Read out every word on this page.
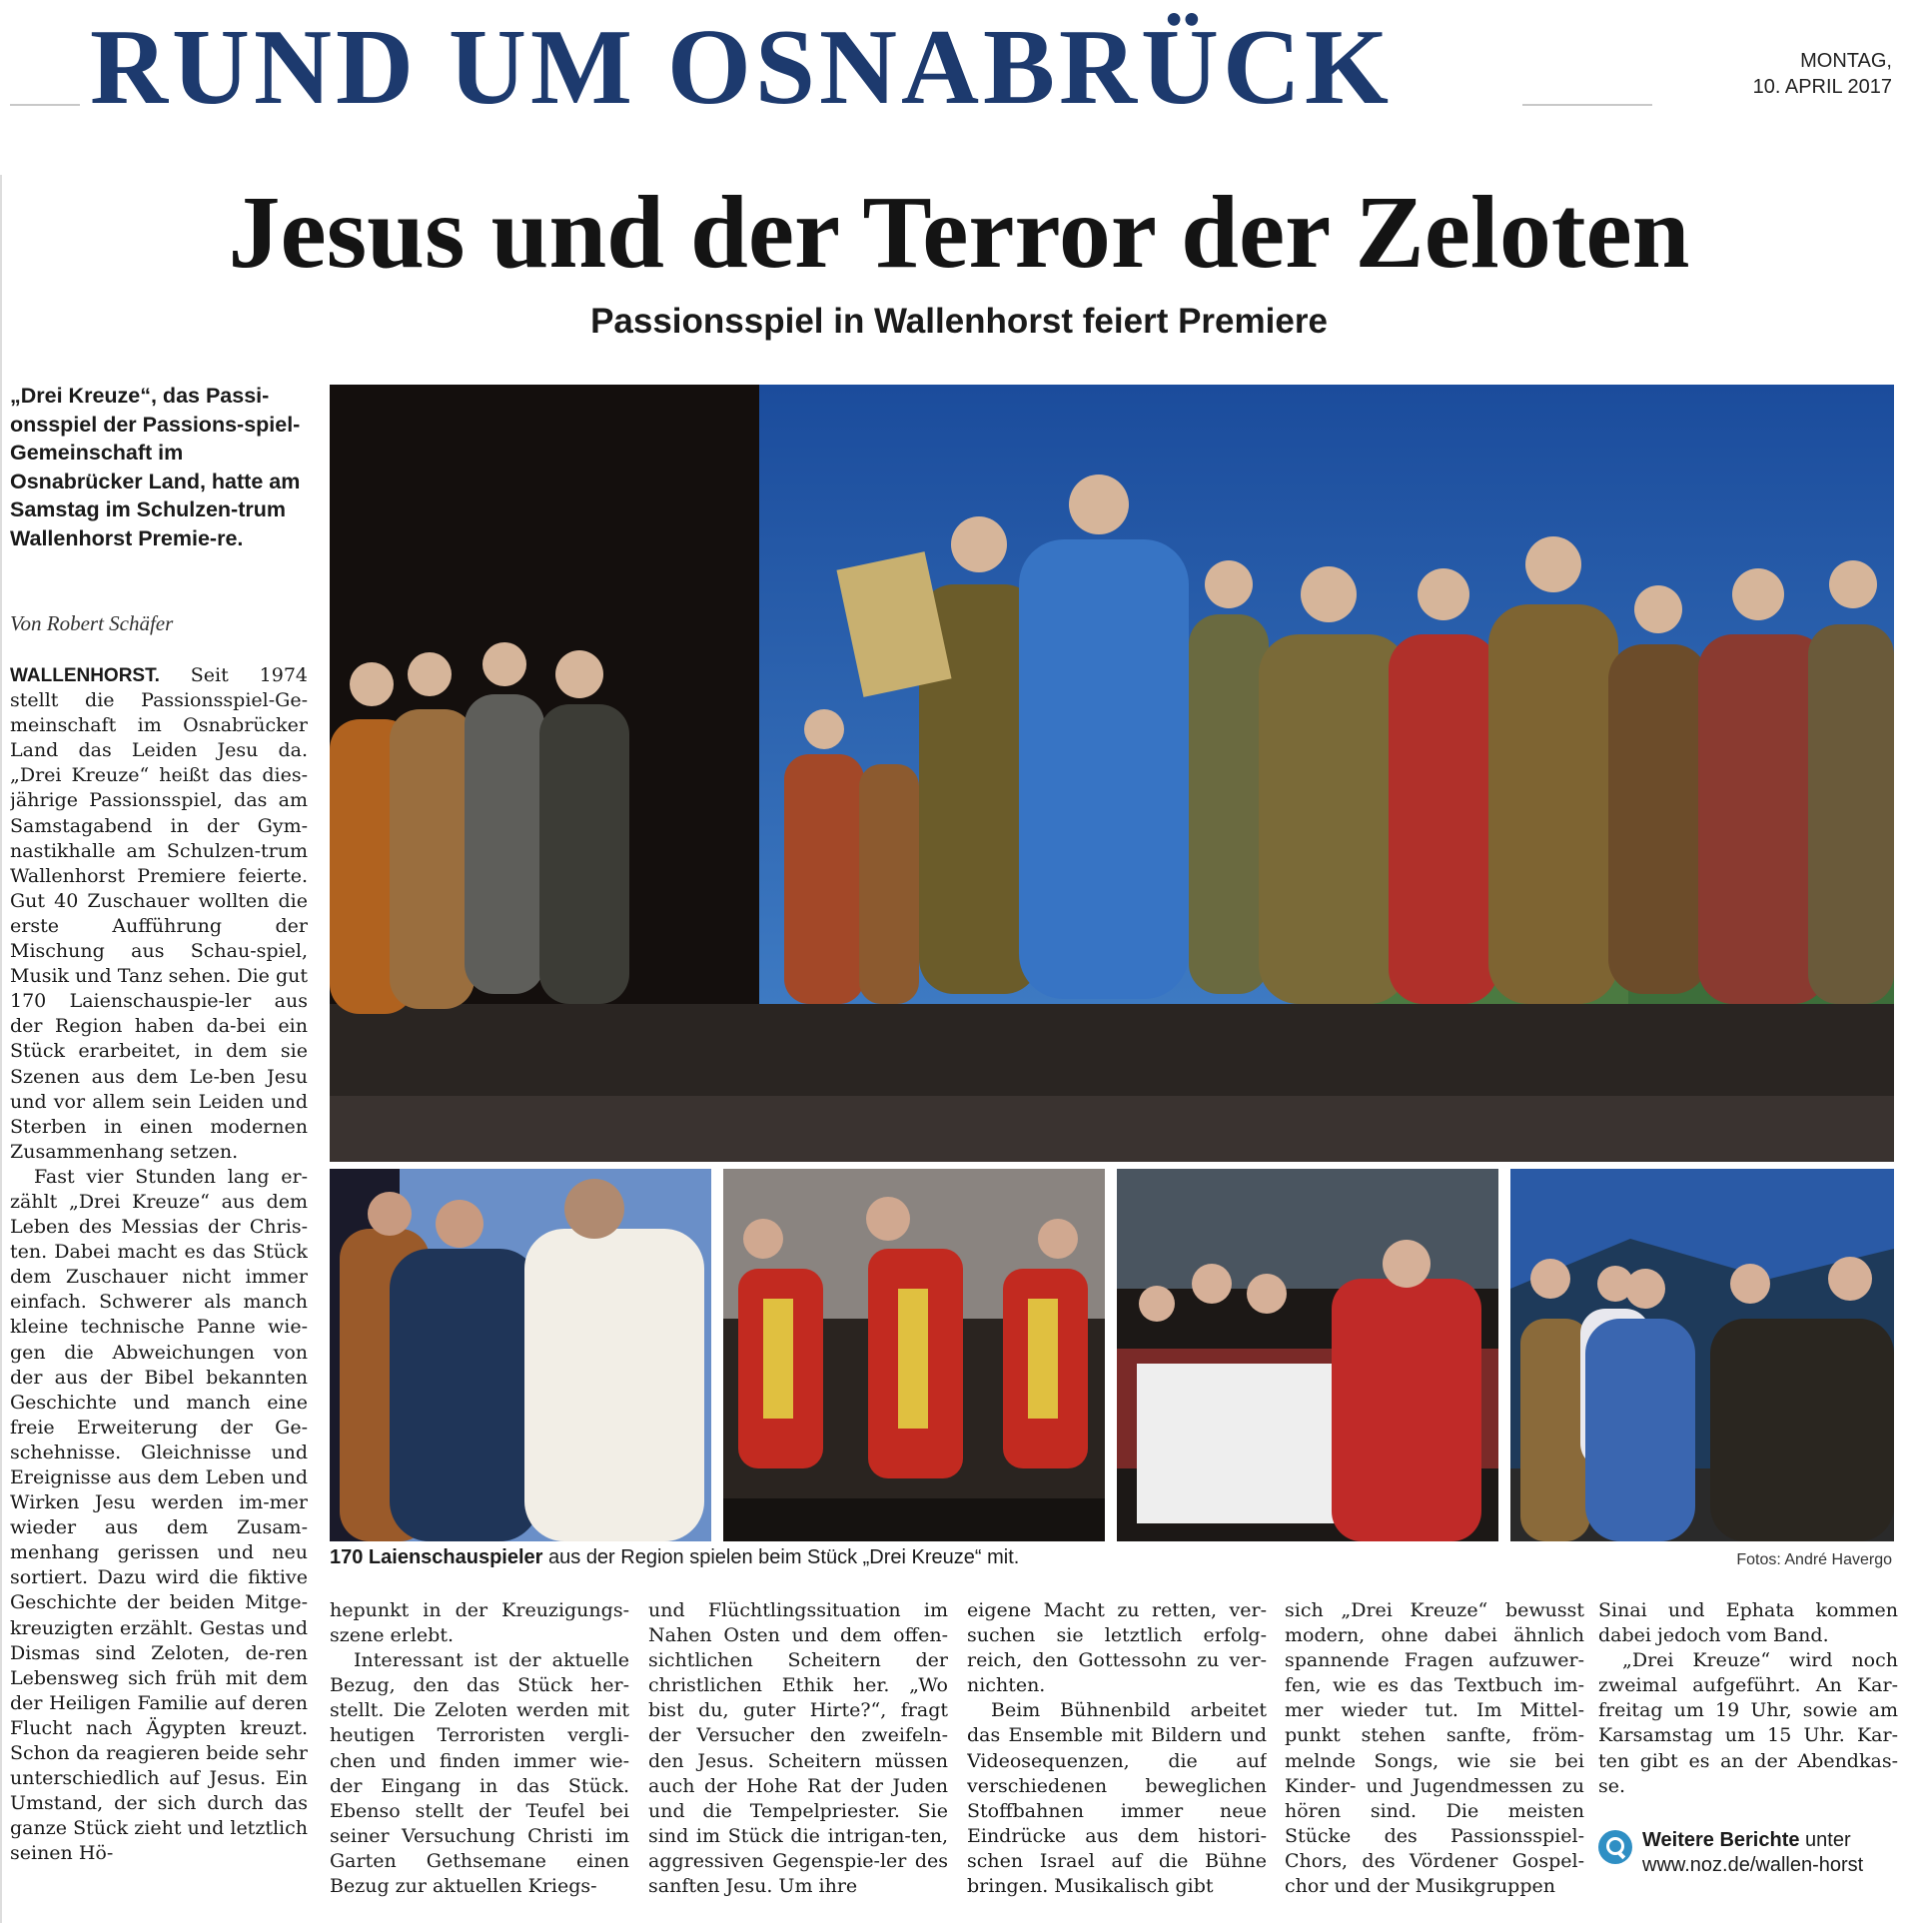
RUND UM OSNABRÜCK	MONTAG,
10. APRIL 2017
Jesus und der Terror der Zeloten
Passionsspiel in Wallenhorst feiert Premiere
„Drei Kreuze“, das Passi-onsspiel der Passions-spiel-Gemeinschaft im Osnabrücker Land, hatte am Samstag im Schulzen-trum Wallenhorst Premie-re.
Von Robert Schäfer

WALLENHORST. Seit 1974 stellt die Passionsspiel-Ge-meinschaft im Osnabrücker Land das Leiden Jesu da. „Drei Kreuze“ heißt das dies-jährige Passionsspiel, das am Samstagabend in der Gym-nastikhalle am Schulzen-trum Wallenhorst Premiere feierte. Gut 40 Zuschauer wollten die erste Aufführung der Mischung aus Schau-spiel, Musik und Tanz sehen. Die gut 170 Laienschauspie-ler aus der Region haben da-bei ein Stück erarbeitet, in dem sie Szenen aus dem Le-ben Jesu und vor allem sein Leiden und Sterben in einen modernen Zusammenhang setzen.

Fast vier Stunden lang er-zählt „Drei Kreuze“ aus dem Leben des Messias der Chris-ten. Dabei macht es das Stück dem Zuschauer nicht immer einfach. Schwerer als manch kleine technische Panne wie-gen die Abweichungen von der aus der Bibel bekannten Geschichte und manch eine freie Erweiterung der Ge-schehnisse. Gleichnisse und Ereignisse aus dem Leben und Wirken Jesu werden im-mer wieder aus dem Zusam-menhang gerissen und neu sortiert. Dazu wird die fiktive Geschichte der beiden Mitge-kreuzigten erzählt. Gestas und Dismas sind Zeloten, de-ren Lebensweg sich früh mit dem der Heiligen Familie auf deren Flucht nach Ägypten kreuzt. Schon da reagieren beide sehr unterschiedlich auf Jesus. Ein Umstand, der sich durch das ganze Stück zieht und letztlich seinen Hö-

170 Laienschauspieler aus der Region spielen beim Stück „Drei Kreuze“ mit.	Fotos: André Havergo

hepunkt in der Kreuzigungs-szene erlebt.

Interessant ist der aktuelle Bezug, den das Stück her-stellt. Die Zeloten werden mit heutigen Terroristen vergli-chen und finden immer wie-der Eingang in das Stück. Ebenso stellt der Teufel bei seiner Versuchung Christi im Garten Gethsemane einen Bezug zur aktuellen Kriegs-

und Flüchtlingssituation im Nahen Osten und dem offen-sichtlichen Scheitern der christlichen Ethik her. „Wo bist du, guter Hirte?“, fragt der Versucher den zweifeln-den Jesus. Scheitern müssen auch der Hohe Rat der Juden und die Tempelpriester. Sie sind im Stück die intrigan-ten, aggressiven Gegenspie-ler des sanften Jesu. Um ihre

eigene Macht zu retten, ver-suchen sie letztlich erfolg-reich, den Gottessohn zu ver-nichten.

Beim Bühnenbild arbeitet das Ensemble mit Bildern und Videosequenzen, die auf verschiedenen beweglichen Stoffbahnen immer neue Eindrücke aus dem histori-schen Israel auf die Bühne bringen. Musikalisch gibt

sich „Drei Kreuze“ bewusst modern, ohne dabei ähnlich spannende Fragen aufzuwer-fen, wie es das Textbuch im-mer wieder tut. Im Mittel-punkt stehen sanfte, fröm-melnde Songs, wie sie bei Kinder- und Jugendmessen zu hören sind. Die meisten Stücke des Passionsspiel-Chors, des Vördener Gospel-chor und der Musikgruppen

Sinai und Ephata kommen dabei jedoch vom Band.

„Drei Kreuze“ wird noch zweimal aufgeführt. An Kar-freitag um 19 Uhr, sowie am Karsamstag um 15 Uhr. Kar-ten gibt es an der Abendkas-se.

Weitere Berichte unter www.noz.de/wallen-horst
